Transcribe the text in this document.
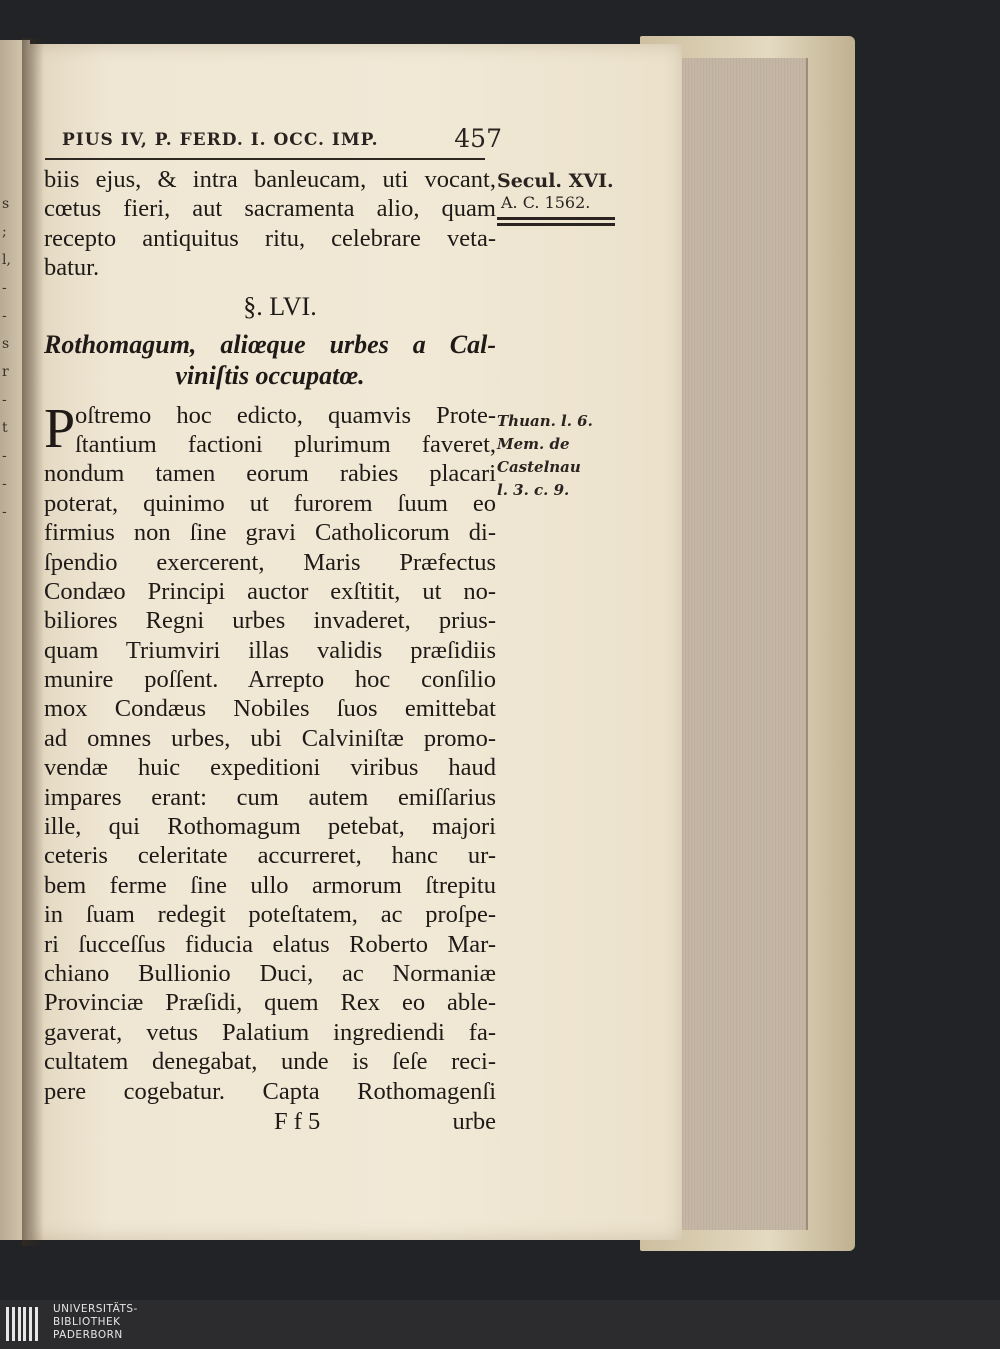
s
;
l,
-
-
s
r
-
t
-
-
-
PIUS IV, P. FERD. I. OCC. IMP.	457
biis ejus, & intra banleucam, uti vocant,
cœtus fieri, aut sacramenta alio, quam
recepto antiquitus ritu, celebrare veta-
batur.
§. LVI.
Rothomagum, aliœque urbes a Cal-
viniſtis occupatœ.
P oſtremo hoc edicto, quamvis Prote-
ſtantium factioni plurimum faveret,
nondum tamen eorum rabies placari
poterat, quinimo ut furorem ſuum eo
firmius non ſine gravi Catholicorum di-
ſpendio exercerent, Maris Præfectus
Condæo Principi auctor exſtitit, ut no-
biliores Regni urbes invaderet, prius-
quam Triumviri illas validis præſidiis
munire poſſent. Arrepto hoc conſilio
mox Condæus Nobiles ſuos emittebat
ad omnes urbes, ubi Calviniſtæ promo-
vendæ huic expeditioni viribus haud
impares erant: cum autem emiſſarius
ille, qui Rothomagum petebat, majori
ceteris celeritate accurreret, hanc ur-
bem ferme ſine ullo armorum ſtrepitu
in ſuam redegit poteſtatem, ac proſpe-
ri ſucceſſus fiducia elatus Roberto Mar-
chiano Bullionio Duci, ac Normaniæ
Provinciæ Præſidi, quem Rex eo able-
gaverat, vetus Palatium ingrediendi fa-
cultatem denegabat, unde is ſeſe reci-
pere cogebatur. Capta Rothomagenſi
F f 5	urbe
Secul. XVI.
A. C. 1562.
Thuan. l. 6.
Mem. de
Castelnau
l. 3. c. 9.
UNIVERSITÄTS-
BIBLIOTHEK
PADERBORN
